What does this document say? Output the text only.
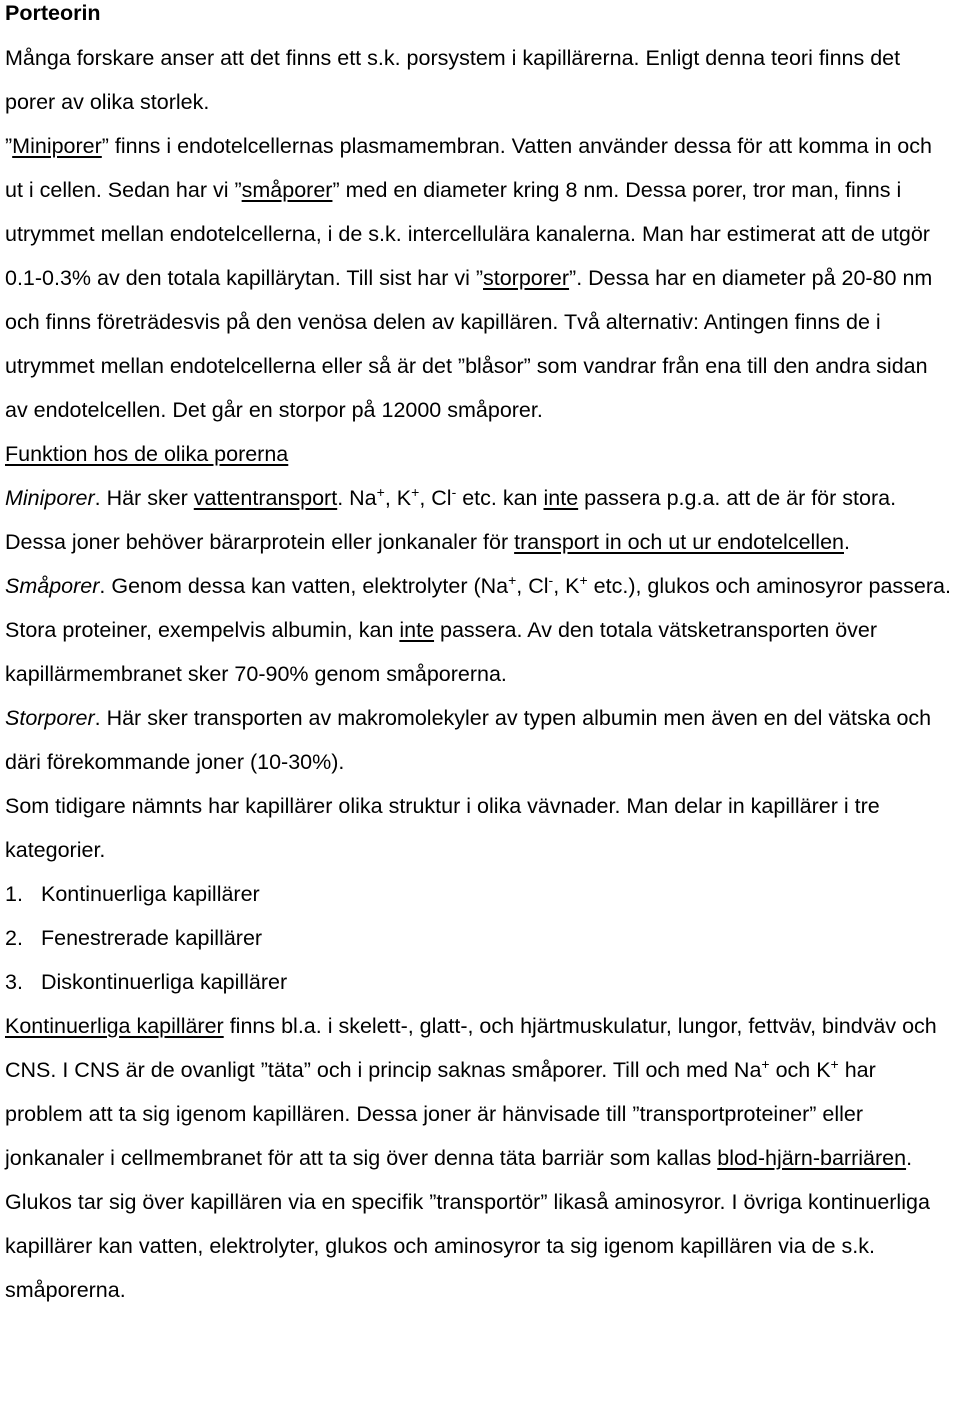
Porteorin
Många forskare anser att det finns ett s.k. porsystem i kapillärerna. Enligt denna teori finns det porer av olika storlek.
”Miniporer” finns i endotelcellernas plasmamembran. Vatten använder dessa för att komma in och ut i cellen. Sedan har vi ”småporer” med en diameter kring 8 nm. Dessa porer, tror man, finns i utrymmet mellan endotelcellerna, i de s.k. intercellulära kanalerna. Man har estimerat att de utgör 0.1-0.3% av den totala kapillärytan. Till sist har vi ”storporer”. Dessa har en diameter på 20-80 nm och finns företrädesvis på den venösa delen av kapillären. Två alternativ: Antingen finns de i utrymmet mellan endotelcellerna eller så är det ”blåsor” som vandrar från ena till den andra sidan av endotelcellen. Det går en storpor på 12000 småporer.
Funktion hos de olika porerna
Miniporer. Här sker vattentransport. Na+, K+, Cl- etc. kan inte passera p.g.a. att de är för stora. Dessa joner behöver bärarprotein eller jonkanaler för transport in och ut ur endotelcellen.
Småporer. Genom dessa kan vatten, elektrolyter (Na+, Cl-, K+ etc.), glukos och aminosyror passera. Stora proteiner, exempelvis albumin, kan inte passera. Av den totala vätsketransporten över kapillärmembranet sker 70-90% genom småporerna.
Storporer. Här sker transporten av makromolekyler av typen albumin men även en del vätska och däri förekommande joner (10-30%).
Som tidigare nämnts har kapillärer olika struktur i olika vävnader. Man delar in kapillärer i tre kategorier.
1. Kontinuerliga kapillärer
2. Fenestrerade kapillärer
3. Diskontinuerliga kapillärer
Kontinuerliga kapillärer finns bl.a. i skelett-, glatt-, och hjärtmuskulatur, lungor, fettväv, bindväv och CNS. I CNS är de ovanligt ”täta” och i princip saknas småporer. Till och med Na+ och K+ har problem att ta sig igenom kapillären. Dessa joner är hänvisade till ”transportproteiner” eller jonkanaler i cellmembranet för att ta sig över denna täta barriär som kallas blod-hjärn-barriären. Glukos tar sig över kapillären via en specifik ”transportör” likaså aminosyror. I övriga kontinuerliga kapillärer kan vatten, elektrolyter, glukos och aminosyror ta sig igenom kapillären via de s.k. småporerna.
